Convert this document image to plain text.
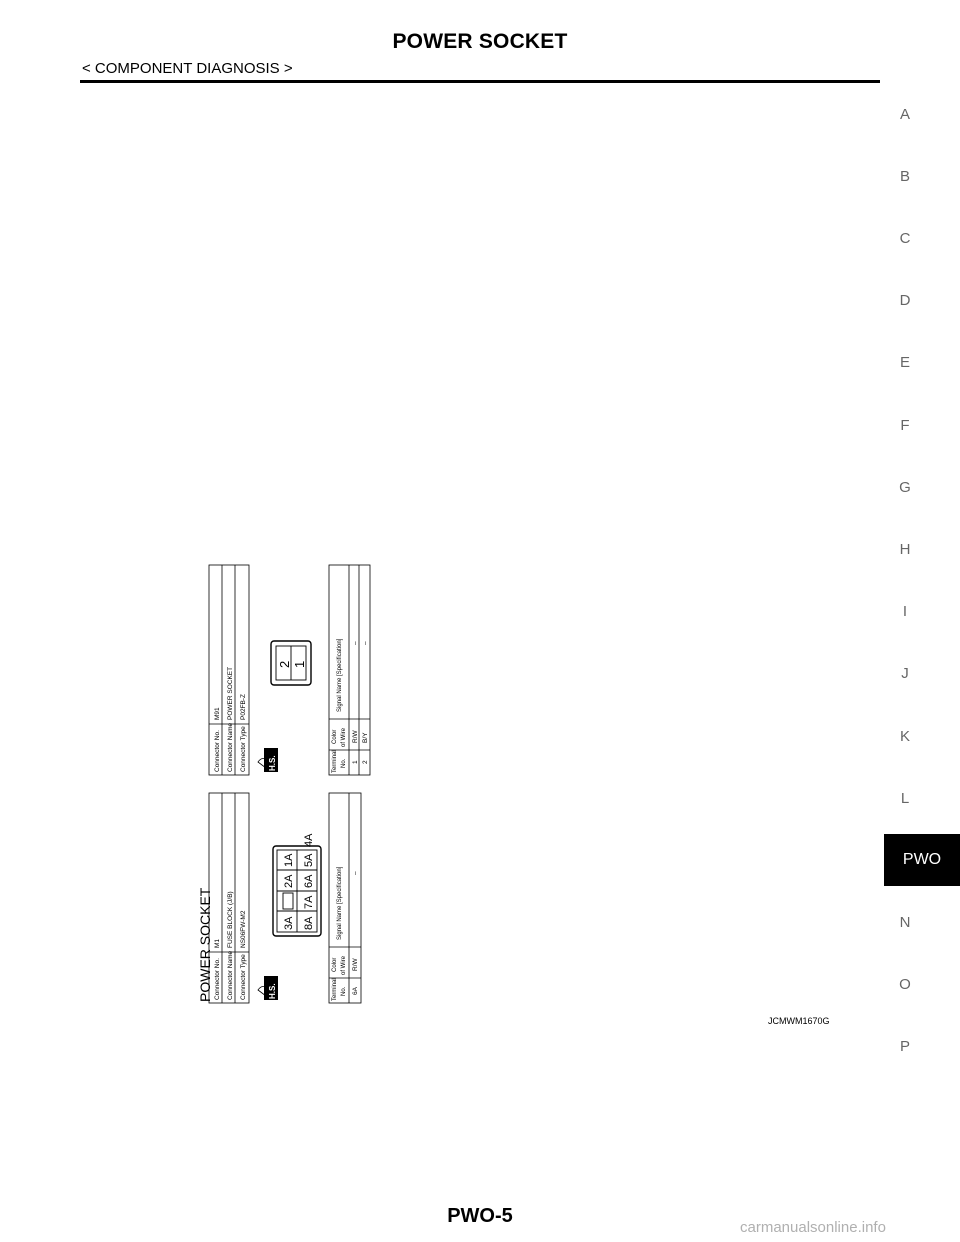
POWER SOCKET
< COMPONENT DIAGNOSIS >
A
B
C
D
E
F
G
H
I
J
K
L
PWO
N
O
P
POWER SOCKET Connector No.
M1
Connector Name
FUSE BLOCK (J/B)
Connector Type
NS06FW-M2
H.S.
3A
2A
1A
8A
7A
6A
5A
4A
Terminal No.
Color of Wire
Signal Name [Specification]
6A
R/W
–
Connector No.
M91
Connector Name
POWER SOCKET
Connector Type
P02FB-Z
H.S.
2 1
Terminal No.
Color of Wire
Signal Name [Specification]
1
R/W
–
2
B/Y
–
JCMWM1670G
PWO-5
carmanualsonline.info
